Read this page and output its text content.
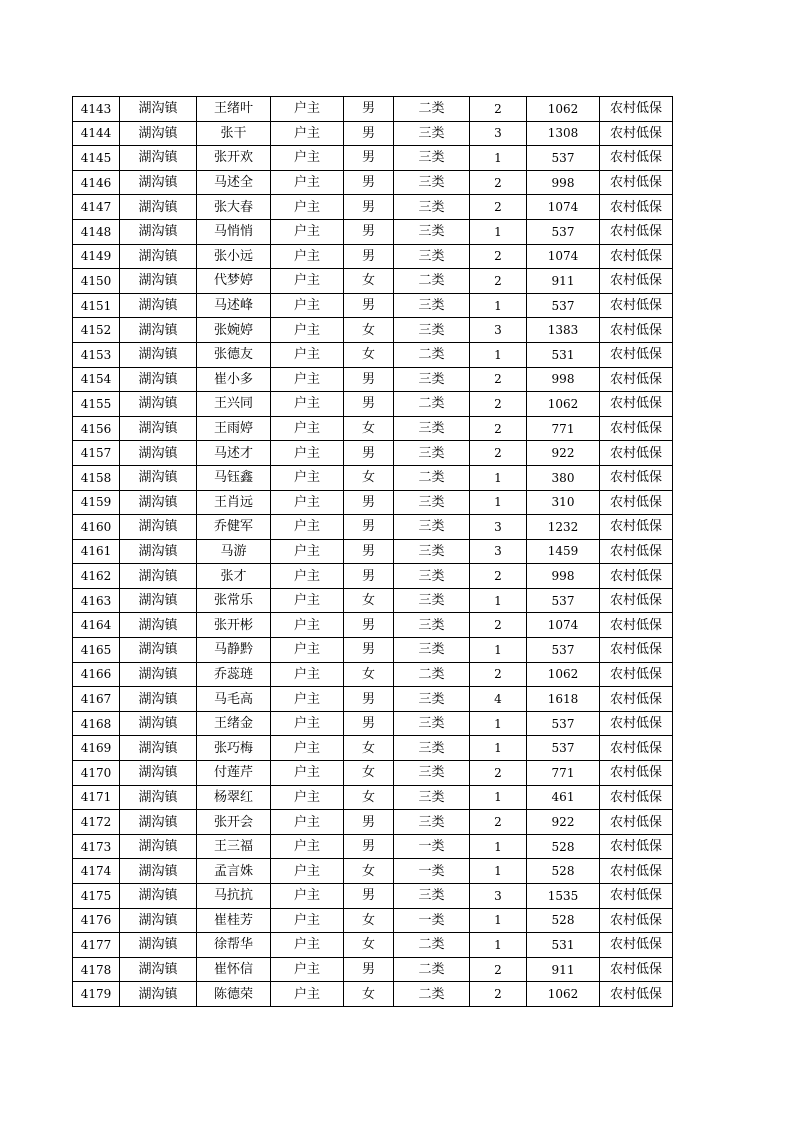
4143	湖沟镇	王绪叶	户主	男	二类	2	1062	农村低保
4144	湖沟镇	张干	户主	男	三类	3	1308	农村低保
4145	湖沟镇	张开欢	户主	男	三类	1	537	农村低保
4146	湖沟镇	马述全	户主	男	三类	2	998	农村低保
4147	湖沟镇	张大春	户主	男	三类	2	1074	农村低保
4148	湖沟镇	马悄悄	户主	男	三类	1	537	农村低保
4149	湖沟镇	张小远	户主	男	三类	2	1074	农村低保
4150	湖沟镇	代梦婷	户主	女	二类	2	911	农村低保
4151	湖沟镇	马述峰	户主	男	三类	1	537	农村低保
4152	湖沟镇	张婉婷	户主	女	三类	3	1383	农村低保
4153	湖沟镇	张德友	户主	女	二类	1	531	农村低保
4154	湖沟镇	崔小多	户主	男	三类	2	998	农村低保
4155	湖沟镇	王兴同	户主	男	二类	2	1062	农村低保
4156	湖沟镇	王雨婷	户主	女	三类	2	771	农村低保
4157	湖沟镇	马述才	户主	男	三类	2	922	农村低保
4158	湖沟镇	马钰鑫	户主	女	二类	1	380	农村低保
4159	湖沟镇	王肖远	户主	男	三类	1	310	农村低保
4160	湖沟镇	乔健军	户主	男	三类	3	1232	农村低保
4161	湖沟镇	马游	户主	男	三类	3	1459	农村低保
4162	湖沟镇	张才	户主	男	三类	2	998	农村低保
4163	湖沟镇	张常乐	户主	女	三类	1	537	农村低保
4164	湖沟镇	张开彬	户主	男	三类	2	1074	农村低保
4165	湖沟镇	马静黔	户主	男	三类	1	537	农村低保
4166	湖沟镇	乔蕊琏	户主	女	二类	2	1062	农村低保
4167	湖沟镇	马毛高	户主	男	三类	4	1618	农村低保
4168	湖沟镇	王绪金	户主	男	三类	1	537	农村低保
4169	湖沟镇	张巧梅	户主	女	三类	1	537	农村低保
4170	湖沟镇	付莲芹	户主	女	三类	2	771	农村低保
4171	湖沟镇	杨翠红	户主	女	三类	1	461	农村低保
4172	湖沟镇	张开会	户主	男	三类	2	922	农村低保
4173	湖沟镇	王三福	户主	男	一类	1	528	农村低保
4174	湖沟镇	孟言姝	户主	女	一类	1	528	农村低保
4175	湖沟镇	马抗抗	户主	男	三类	3	1535	农村低保
4176	湖沟镇	崔桂芳	户主	女	一类	1	528	农村低保
4177	湖沟镇	徐帮华	户主	女	二类	1	531	农村低保
4178	湖沟镇	崔怀信	户主	男	二类	2	911	农村低保
4179	湖沟镇	陈德荣	户主	女	二类	2	1062	农村低保
